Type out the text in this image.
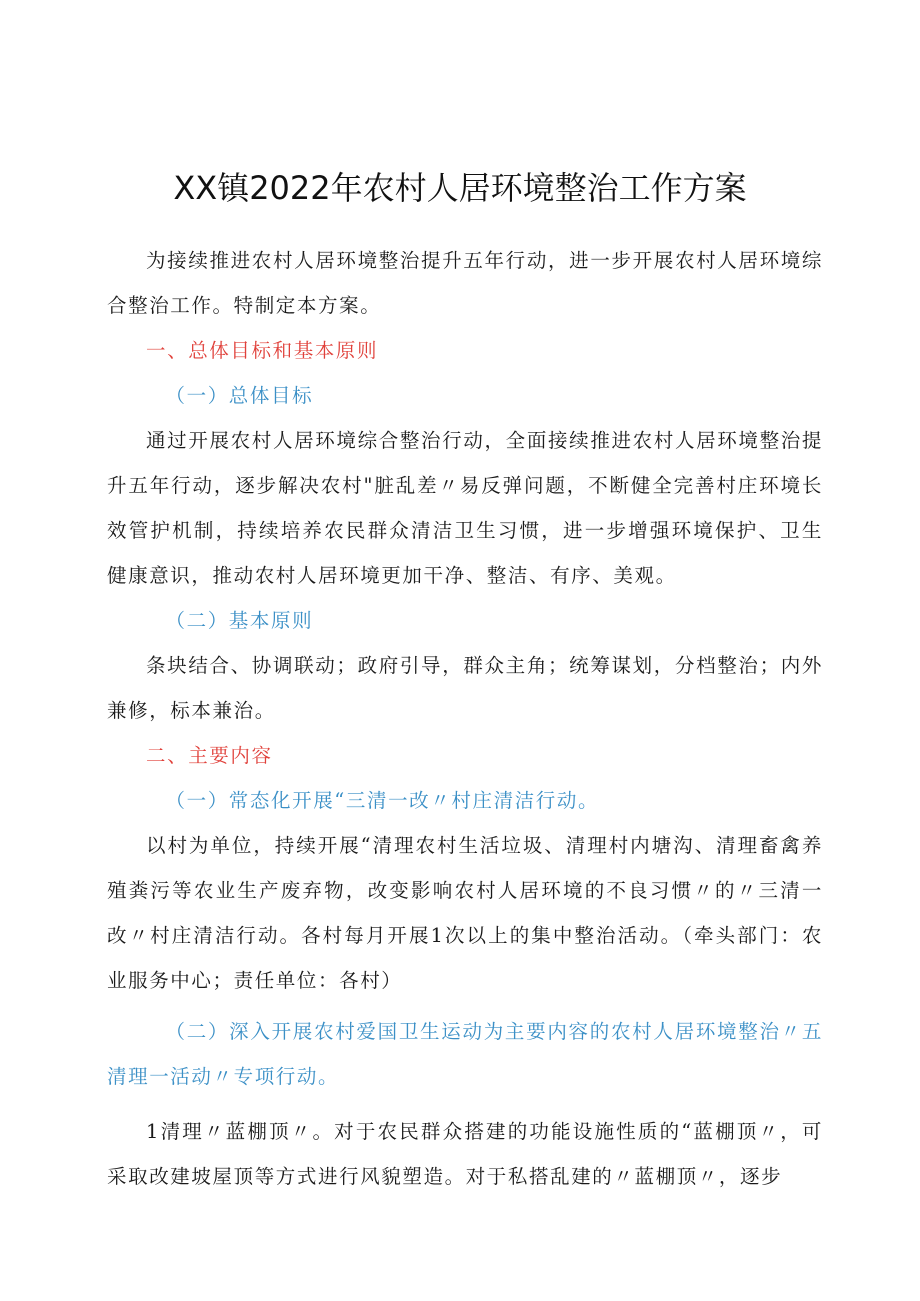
XX镇2022年农村人居环境整治工作方案

为接续推进农村人居环境整治提升五年行动，进一步开展农村人居环境综合整治工作。特制定本方案。

一、总体目标和基本原则

（一）总体目标

通过开展农村人居环境综合整治行动，全面接续推进农村人居环境整治提升五年行动，逐步解决农村"脏乱差〃易反弹问题，不断健全完善村庄环境长效管护机制，持续培养农民群众清洁卫生习惯，进一步增强环境保护、卫生健康意识，推动农村人居环境更加干净、整洁、有序、美观。

（二）基本原则

条块结合、协调联动；政府引导，群众主角；统筹谋划，分档整治；内外兼修，标本兼治。

二、主要内容

（一）常态化开展“三清一改〃村庄清洁行动。

以村为单位，持续开展“清理农村生活垃圾、清理村内塘沟、清理畜禽养殖粪污等农业生产废弃物，改变影响农村人居环境的不良习惯〃的〃三清一改〃村庄清洁行动。各村每月开展1次以上的集中整治活动。（牵头部门：农业服务中心；责任单位：各村）

（二）深入开展农村爱国卫生运动为主要内容的农村人居环境整治〃五清理一活动〃专项行动。

1清理〃蓝棚顶〃。对于农民群众搭建的功能设施性质的“蓝棚顶〃，可采取改建坡屋顶等方式进行风貌塑造。对于私搭乱建的〃蓝棚顶〃，逐步
